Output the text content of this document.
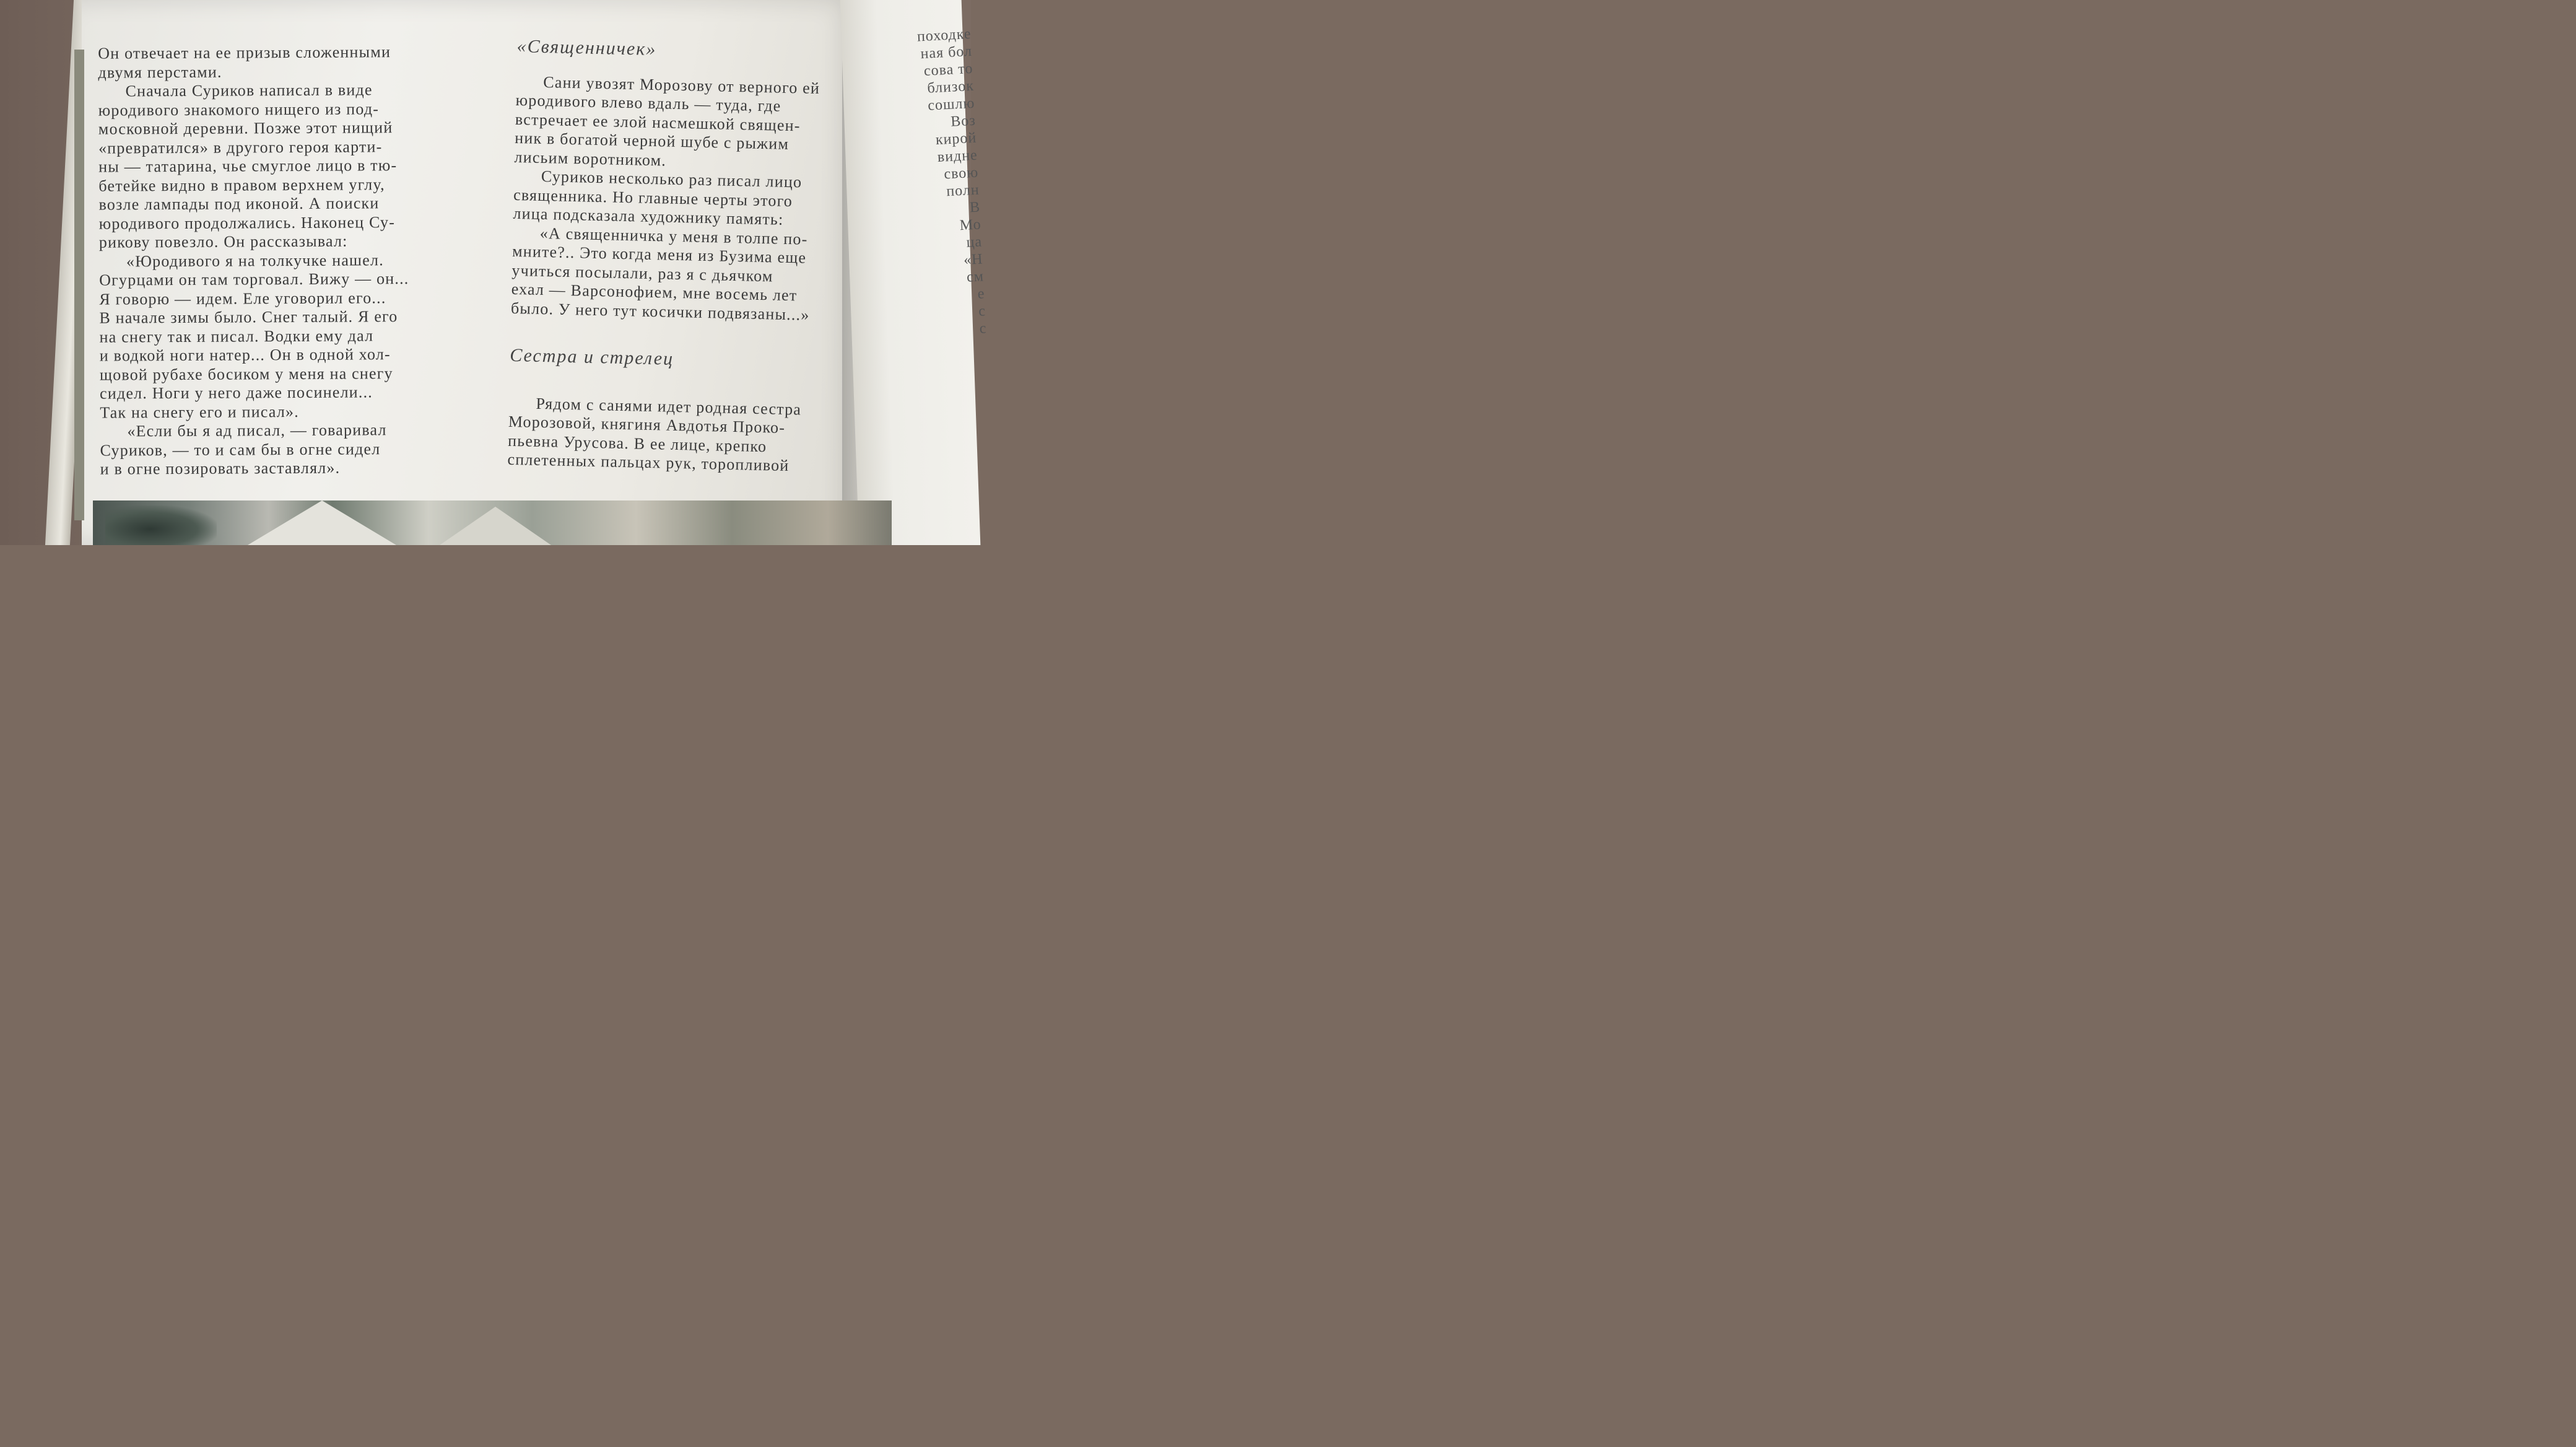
Он отвечает на ее призыв сложенными
двумя перстами.
Сначала Суриков написал в виде
юродивого знакомого нищего из под-
московной деревни. Позже этот нищий
«превратился» в другого героя карти-
ны — татарина, чье смуглое лицо в тю-
бетейке видно в правом верхнем углу,
возле лампады под иконой. А поиски
юродивого продолжались. Наконец Су-
рикову повезло. Он рассказывал:
«Юродивого я на толкучке нашел.
Огурцами он там торговал. Вижу — он...
Я говорю — идем. Еле уговорил его...
В начале зимы было. Снег талый. Я его
на снегу так и писал. Водки ему дал
и водкой ноги натер... Он в одной хол-
щовой рубахе босиком у меня на снегу
сидел. Ноги у него даже посинели...
Так на снегу его и писал».
«Если бы я ад писал, — говаривал
Суриков, — то и сам бы в огне сидел
и в огне позировать заставлял».
«Священничек»
Сани увозят Морозову от верного ей
юродивого влево вдаль — туда, где
встречает ее злой насмешкой священ-
ник в богатой черной шубе с рыжим
лисьим воротником.
Суриков несколько раз писал лицо
священника. Но главные черты этого
лица подсказала художнику память:
«А священничка у меня в толпе по-
мните?.. Это когда меня из Бузима еще
учиться посылали, раз я с дьячком
ехал — Варсонофием, мне восемь лет
было. У него тут косички подвязаны...»
Сестра и стрелец
Рядом с санями идет родная сестра
Морозовой, княгиня Авдотья Проко-
пьевна Урусова. В ее лице, крепко
сплетенных пальцах рук, торопливой
походке
ная бол
сова то
близок
сошлю
Воз
кирой
видне
свою
полн
В
Мо
ца
«Н
см
е
с
с
